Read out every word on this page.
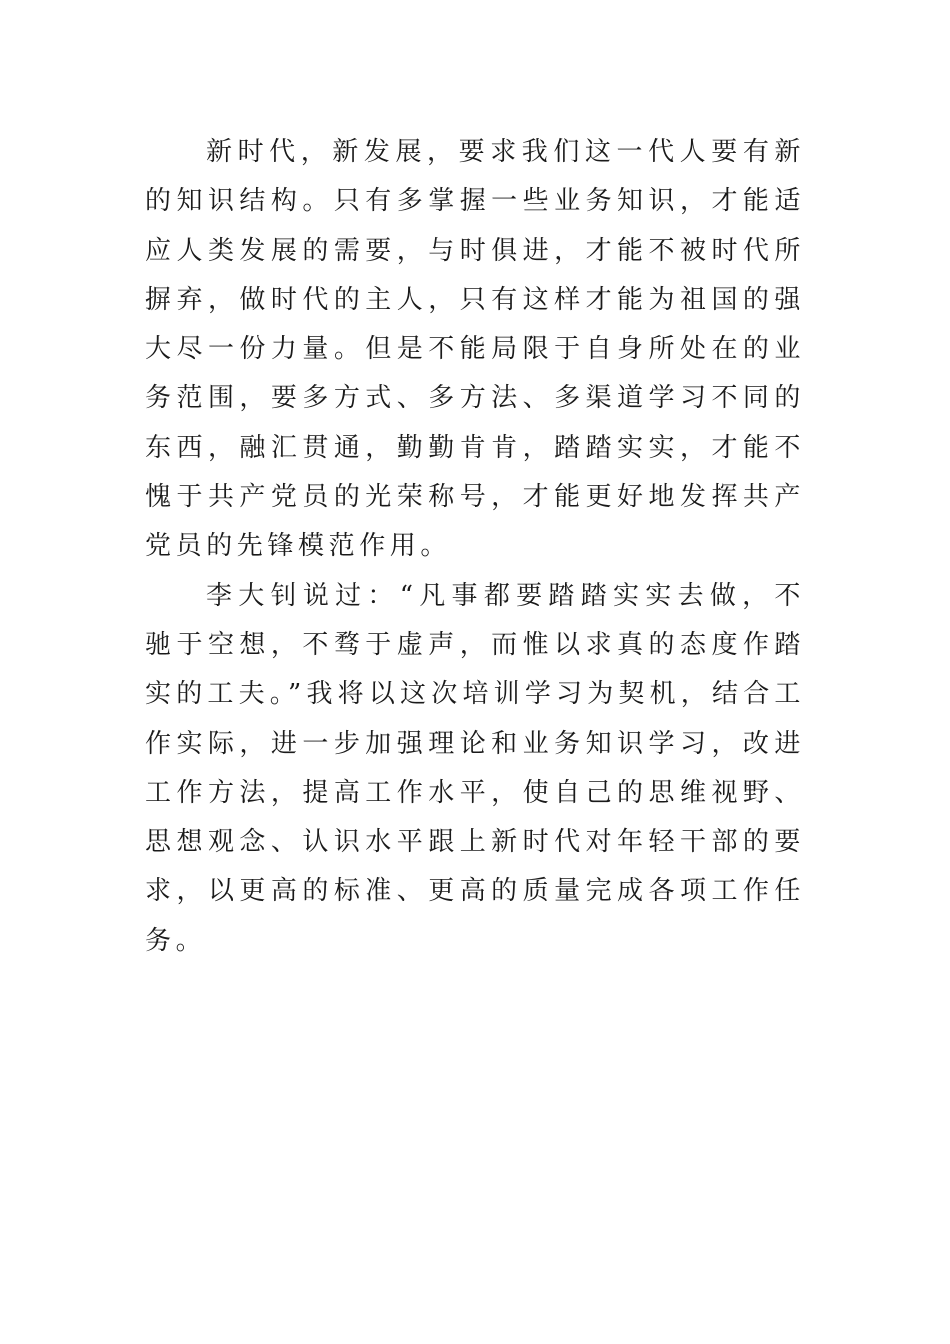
新时代，新发展，要求我们这一代人要有新的知识结构。只有多掌握一些业务知识，才能适应人类发展的需要，与时俱进，才能不被时代所摒弃，做时代的主人，只有这样才能为祖国的强大尽一份力量。但是不能局限于自身所处在的业务范围，要多方式、多方法、多渠道学习不同的东西，融汇贯通，勤勤肯肯，踏踏实实，才能不愧于共产党员的光荣称号，才能更好地发挥共产党员的先锋模范作用。

李大钊说过：“凡事都要踏踏实实去做，不驰于空想，不骛于虚声，而惟以求真的态度作踏实的工夫。”我将以这次培训学习为契机，结合工作实际，进一步加强理论和业务知识学习，改进工作方法，提高工作水平，使自己的思维视野、思想观念、认识水平跟上新时代对年轻干部的要求，以更高的标准、更高的质量完成各项工作任务。
